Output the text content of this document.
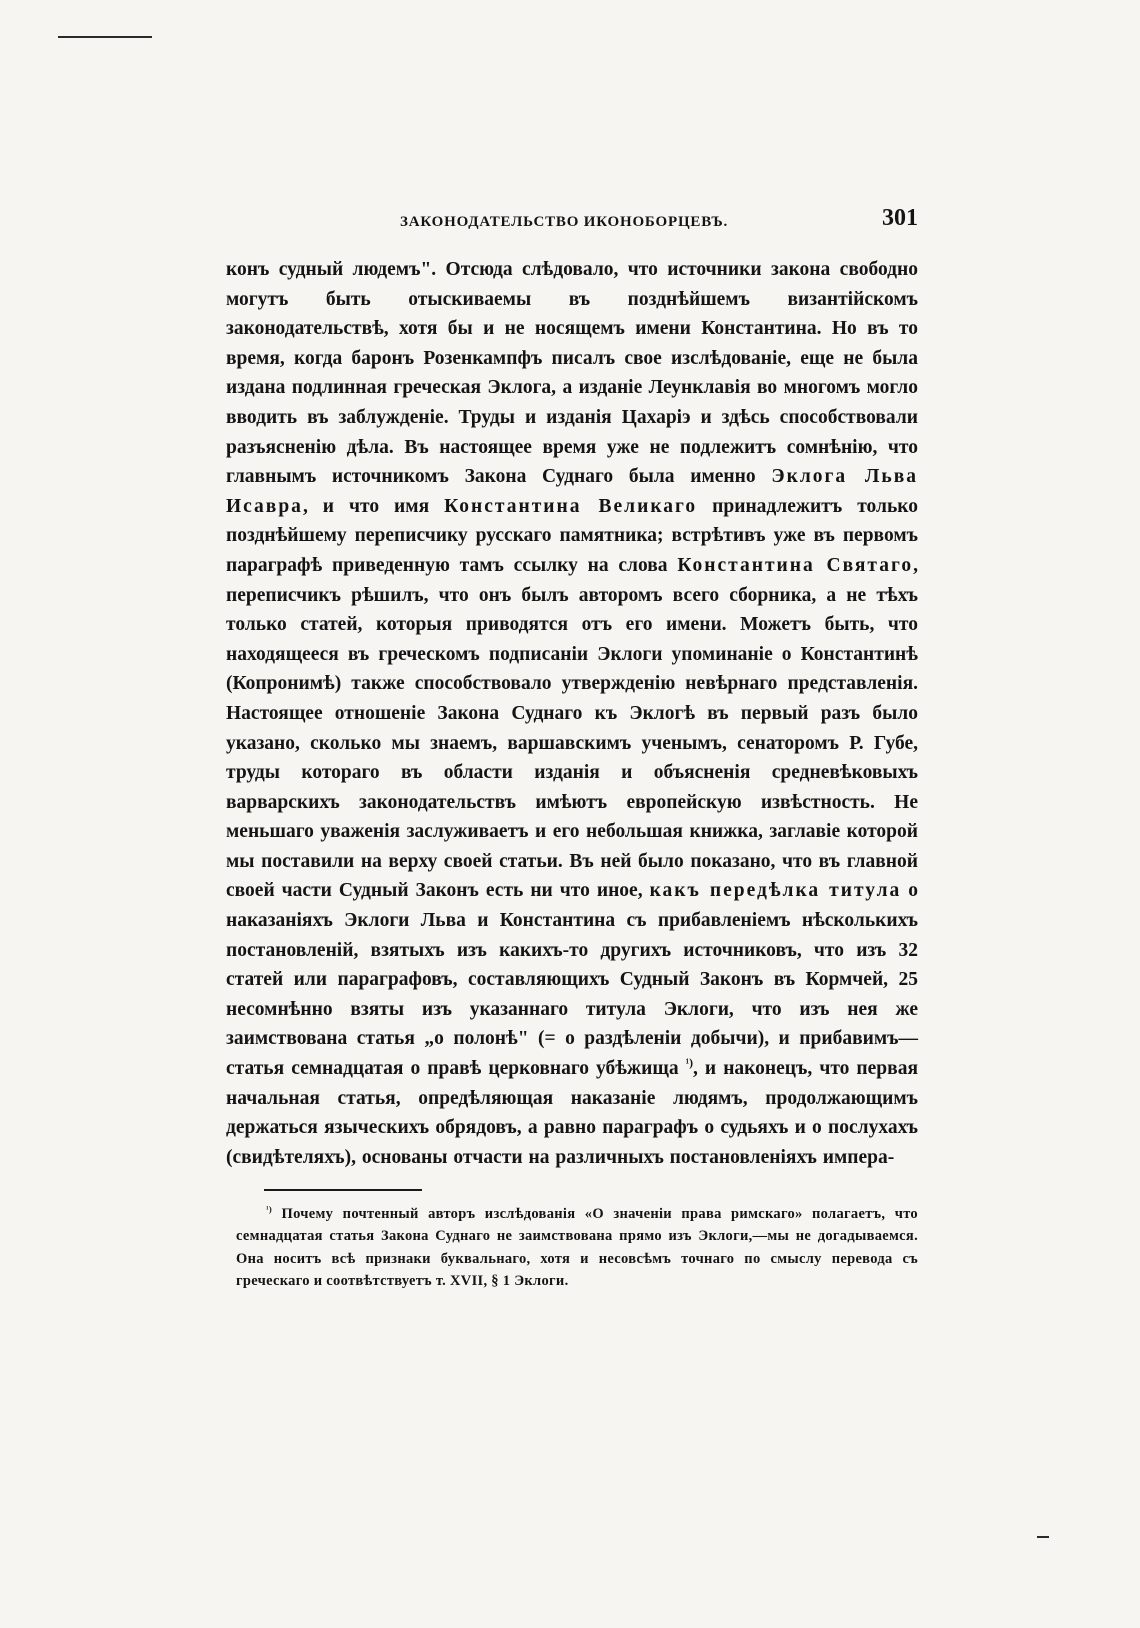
ЗАКОНОДАТЕЛЬСТВО ИКОНОБОРЦЕВЪ.	301

конъ судный людемъ". Отсюда слѣдовало, что источники закона свободно могутъ быть отыскиваемы въ позднѣйшемъ византійскомъ законодательствѣ, хотя бы и не носящемъ имени Константина. Но въ то время, когда баронъ Розенкампфъ писалъ свое изслѣдованіе, еще не была издана подлинная греческая Эклога, а изданіе Леунклавія во многомъ могло вводить въ заблужденіе. Труды и изданія Цахаріэ и здѣсь способствовали разъясненію дѣла. Въ настоящее время уже не подлежитъ сомнѣнію, что главнымъ источникомъ Закона Суднаго была именно Эклога Льва Исавра, и что имя Константина Великаго принадлежитъ только позднѣйшему переписчику русскаго памятника; встрѣтивъ уже въ первомъ параграфѣ приведенную тамъ ссылку на слова Константина Святаго, переписчикъ рѣшилъ, что онъ былъ авторомъ всего сборника, а не тѣхъ только статей, которыя приводятся отъ его имени. Можетъ быть, что находящееся въ греческомъ подписаніи Эклоги упоминаніе о Константинѣ (Копронимѣ) также способствовало утвержденію невѣрнаго представленія. Настоящее отношеніе Закона Суднаго къ Эклогѣ въ первый разъ было указано, сколько мы знаемъ, варшавскимъ ученымъ, сенаторомъ Р. Губе, труды котораго въ области изданія и объясненія средневѣковыхъ варварскихъ законодательствъ имѣютъ европейскую извѣстность. Не меньшаго уваженія заслуживаетъ и его небольшая книжка, заглавіе которой мы поставили на верху своей статьи. Въ ней было показано, что въ главной своей части Судный Законъ есть ни что иное, какъ передѣлка титула о наказаніяхъ Эклоги Льва и Константина съ прибавленіемъ нѣсколькихъ постановленій, взятыхъ изъ какихъ-то другихъ источниковъ, что изъ 32 статей или параграфовъ, составляющихъ Судный Законъ въ Кормчей, 25 несомнѣнно взяты изъ указаннаго титула Эклоги, что изъ нея же заимствована статья „о полонѣ" (= о раздѣленіи добычи), и прибавимъ—статья семнадцатая о правѣ церковнаго убѣжища $^{^1)}$, и наконецъ, что первая начальная статья, опредѣляющая наказаніе людямъ, продолжающимъ держаться языческихъ обрядовъ, а равно параграфъ о судьяхъ и о послухахъ (свидѣтеляхъ), основаны отчасти на различныхъ постановленіяхъ импера-

$^{^1)}$ Почему почтенный авторъ изслѣдованія «О значеніи права римскаго» полагаетъ, что семнадцатая статья Закона Суднаго не заимствована прямо изъ Эклоги,—мы не догадываемся. Она носитъ всѣ признаки буквальнаго, хотя и несовсѣмъ точнаго по смыслу перевода съ греческаго и соотвѣтствуетъ т. XVII, § 1 Эклоги.
